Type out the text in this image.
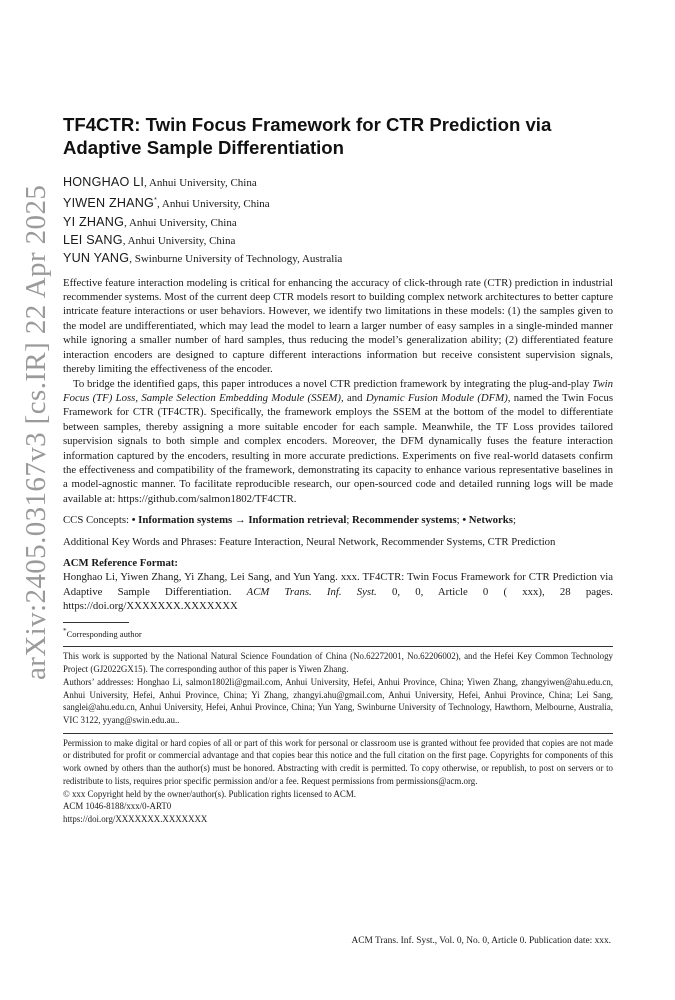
arXiv:2405.03167v3 [cs.IR] 22 Apr 2025
TF4CTR: Twin Focus Framework for CTR Prediction via Adaptive Sample Differentiation
HONGHAO LI, Anhui University, China
YIWEN ZHANG*, Anhui University, China
YI ZHANG, Anhui University, China
LEI SANG, Anhui University, China
YUN YANG, Swinburne University of Technology, Australia

Effective feature interaction modeling is critical for enhancing the accuracy of click-through rate (CTR) prediction in industrial recommender systems. Most of the current deep CTR models resort to building complex network architectures to better capture intricate feature interactions or user behaviors. However, we identify two limitations in these models: (1) the samples given to the model are undifferentiated, which may lead the model to learn a larger number of easy samples in a single-minded manner while ignoring a smaller number of hard samples, thus reducing the model’s generalization ability; (2) differentiated feature interaction encoders are designed to capture different interactions information but receive consistent supervision signals, thereby limiting the effectiveness of the encoder.

To bridge the identified gaps, this paper introduces a novel CTR prediction framework by integrating the plug-and-play Twin Focus (TF) Loss, Sample Selection Embedding Module (SSEM), and Dynamic Fusion Module (DFM), named the Twin Focus Framework for CTR (TF4CTR). Specifically, the framework employs the SSEM at the bottom of the model to differentiate between samples, thereby assigning a more suitable encoder for each sample. Meanwhile, the TF Loss provides tailored supervision signals to both simple and complex encoders. Moreover, the DFM dynamically fuses the feature interaction information captured by the encoders, resulting in more accurate predictions. Experiments on five real-world datasets confirm the effectiveness and compatibility of the framework, demonstrating its capacity to enhance various representative baselines in a model-agnostic manner. To facilitate reproducible research, our open-sourced code and detailed running logs will be made available at: https://github.com/salmon1802/TF4CTR.

CCS Concepts: • Information systems → Information retrieval; Recommender systems; • Networks;

Additional Key Words and Phrases: Feature Interaction, Neural Network, Recommender Systems, CTR Prediction

ACM Reference Format:

Honghao Li, Yiwen Zhang, Yi Zhang, Lei Sang, and Yun Yang. xxx. TF4CTR: Twin Focus Framework for CTR Prediction via Adaptive Sample Differentiation. ACM Trans. Inf. Syst. 0, 0, Article 0 ( xxx), 28 pages. https://doi.org/XXXXXXX.XXXXXXX

*Corresponding author

This work is supported by the National Natural Science Foundation of China (No.62272001, No.62206002), and the Hefei Key Common Technology Project (GJ2022GX15). The corresponding author of this paper is Yiwen Zhang.

Authors’ addresses: Honghao Li, salmon1802li@gmail.com, Anhui University, Hefei, Anhui Province, China; Yiwen Zhang, zhangyiwen@ahu.edu.cn, Anhui University, Hefei, Anhui Province, China; Yi Zhang, zhangyi.ahu@gmail.com, Anhui University, Hefei, Anhui Province, China; Lei Sang, sanglei@ahu.edu.cn, Anhui University, Hefei, Anhui Province, China; Yun Yang, Swinburne University of Technology, Hawthorn, Melbourne, Australia, VIC 3122, yyang@swin.edu.au..

Permission to make digital or hard copies of all or part of this work for personal or classroom use is granted without fee provided that copies are not made or distributed for profit or commercial advantage and that copies bear this notice and the full citation on the first page. Copyrights for components of this work owned by others than the author(s) must be honored. Abstracting with credit is permitted. To copy otherwise, or republish, to post on servers or to redistribute to lists, requires prior specific permission and/or a fee. Request permissions from permissions@acm.org.

© xxx Copyright held by the owner/author(s). Publication rights licensed to ACM.

ACM 1046-8188/xxx/0-ART0

https://doi.org/XXXXXXX.XXXXXXX

ACM Trans. Inf. Syst., Vol. 0, No. 0, Article 0. Publication date: xxx.
